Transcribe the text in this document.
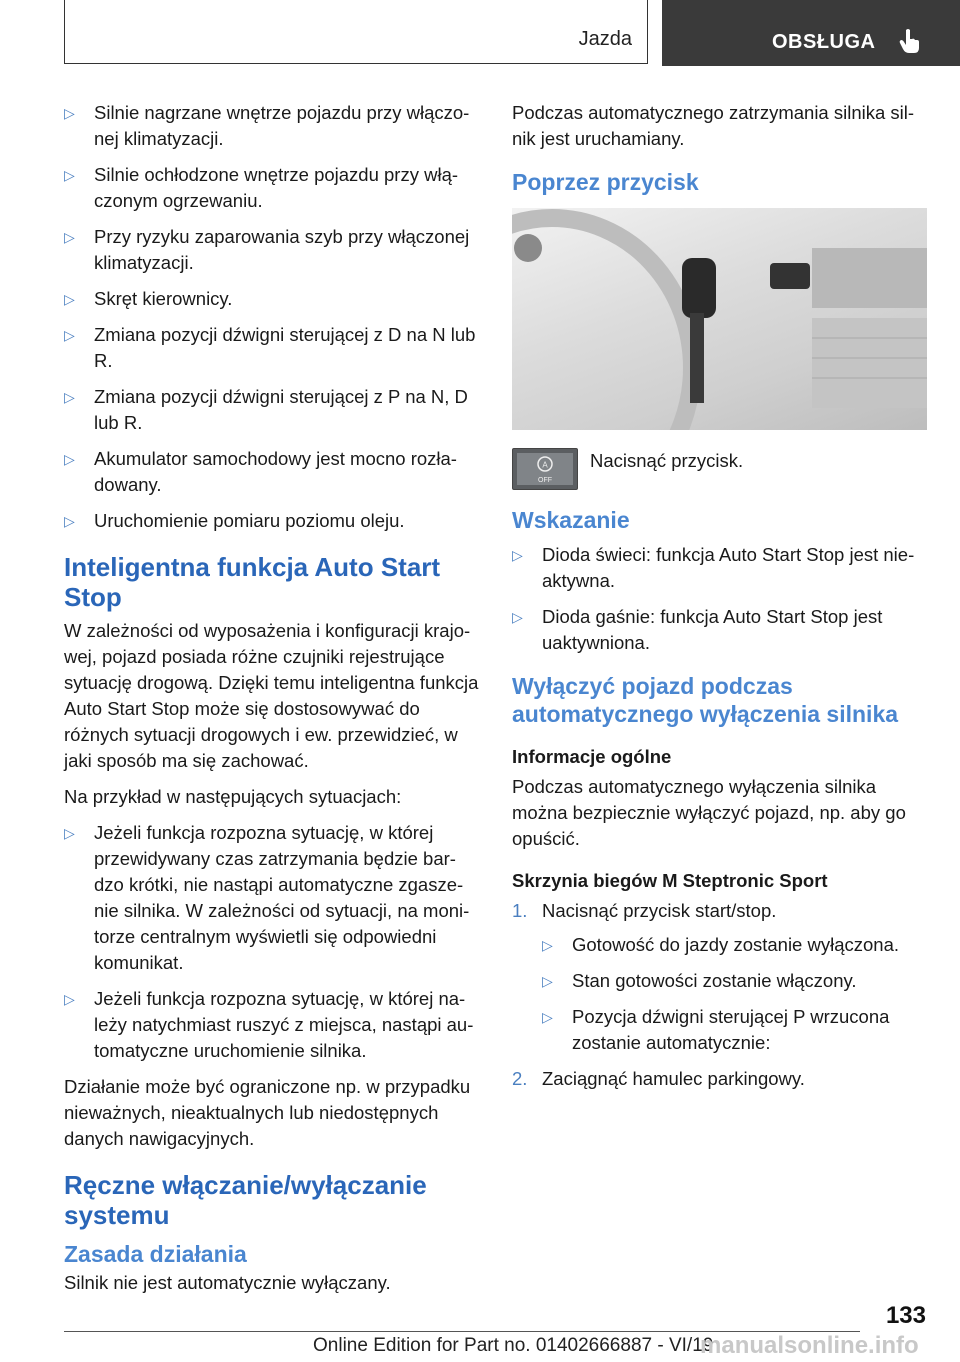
Jazda	OBSŁUGA
▷ Silnie nagrzane wnętrze pojazdu przy włączonej klimatyzacji.
▷ Silnie ochłodzone wnętrze pojazdu przy włączonym ogrzewaniu.
▷ Przy ryzyku zaparowania szyb przy włączonej klimatyzacji.
▷ Skręt kierownicy.
▷ Zmiana pozycji dźwigni sterującej z D na N lub R.
▷ Zmiana pozycji dźwigni sterującej z P na N, D lub R.
▷ Akumulator samochodowy jest mocno rozładowany.
▷ Uruchomienie pomiaru poziomu oleju.
Inteligentna funkcja Auto Start Stop

W zależności od wyposażenia i konfiguracji krajowej, pojazd posiada różne czujniki rejestrujące sytuację drogową. Dzięki temu inteligentna funkcja Auto Start Stop może się dostosowywać do różnych sytuacji drogowych i ew. przewidzieć, w jaki sposób ma się zachować.

Na przykład w następujących sytuacjach:

▷ Jeżeli funkcja rozpozna sytuację, w której przewidywany czas zatrzymania będzie bardzo krótki, nie nastąpi automatyczne zgaszenie silnika. W zależności od sytuacji, na monitorze centralnym wyświetli się odpowiedni komunikat.
▷ Jeżeli funkcja rozpozna sytuację, w której należy natychmiast ruszyć z miejsca, nastąpi automatyczne uruchomienie silnika.

Działanie może być ograniczone np. w przypadku nieważnych, nieaktualnych lub niedostępnych danych nawigacyjnych.

Ręczne włączanie/wyłączanie systemu
Zasada działania

Silnik nie jest automatycznie wyłączany.

Podczas automatycznego zatrzymania silnika silnik jest uruchamiany.

Poprzez przycisk
A
OFF

Nacisnąć przycisk.

Wskazanie
▷ Dioda świeci: funkcja Auto Start Stop jest nieaktywna.
▷ Dioda gaśnie: funkcja Auto Start Stop jest uaktywniona.
Wyłączyć pojazd podczas automatycznego wyłączenia silnika
Informacje ogólne

Podczas automatycznego wyłączenia silnika można bezpiecznie wyłączyć pojazd, np. aby go opuścić.

Skrzynia biegów M Steptronic Sport
1. Nacisnąć przycisk start/stop.
▷ Gotowość do jazdy zostanie wyłączona.
▷ Stan gotowości zostanie włączony.
▷ Pozycja dźwigni sterującej P wrzucona zostanie automatycznie:
2. Zaciągnąć hamulec parkingowy.
133
Online Edition for Part no. 01402666887 - VI/19
manualsonline.info
